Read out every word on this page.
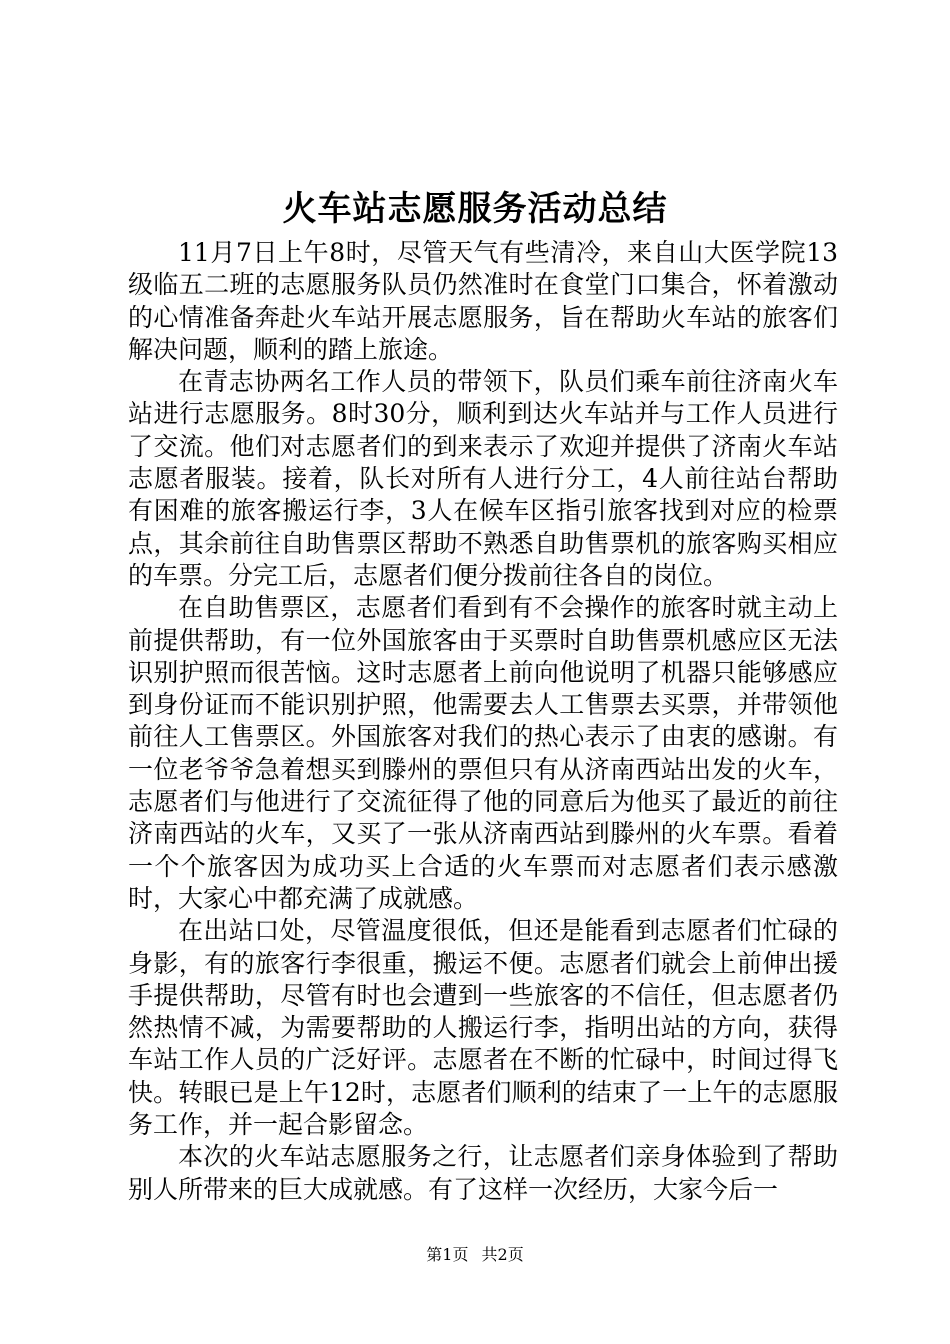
火车站志愿服务活动总结

11月7日上午8时，尽管天气有些清冷，来自山大医学院13级临五二班的志愿服务队员仍然准时在食堂门口集合，怀着激动的心情准备奔赴火车站开展志愿服务，旨在帮助火车站的旅客们解决问题，顺利的踏上旅途。

在青志协两名工作人员的带领下，队员们乘车前往济南火车站进行志愿服务。8时30分，顺利到达火车站并与工作人员进行了交流。他们对志愿者们的到来表示了欢迎并提供了济南火车站志愿者服装。接着，队长对所有人进行分工，4人前往站台帮助有困难的旅客搬运行李，3人在候车区指引旅客找到对应的检票点，其余前往自助售票区帮助不熟悉自助售票机的旅客购买相应的车票。分完工后，志愿者们便分拨前往各自的岗位。

在自助售票区，志愿者们看到有不会操作的旅客时就主动上前提供帮助，有一位外国旅客由于买票时自助售票机感应区无法识别护照而很苦恼。这时志愿者上前向他说明了机器只能够感应到身份证而不能识别护照，他需要去人工售票去买票，并带领他前往人工售票区。外国旅客对我们的热心表示了由衷的感谢。有一位老爷爷急着想买到滕州的票但只有从济南西站出发的火车，志愿者们与他进行了交流征得了他的同意后为他买了最近的前往济南西站的火车，又买了一张从济南西站到滕州的火车票。看着一个个旅客因为成功买上合适的火车票而对志愿者们表示感激时，大家心中都充满了成就感。

在出站口处，尽管温度很低，但还是能看到志愿者们忙碌的身影，有的旅客行李很重，搬运不便。志愿者们就会上前伸出援手提供帮助，尽管有时也会遭到一些旅客的不信任，但志愿者仍然热情不减，为需要帮助的人搬运行李，指明出站的方向，获得车站工作人员的广泛好评。志愿者在不断的忙碌中，时间过得飞快。转眼已是上午12时，志愿者们顺利的结束了一上午的志愿服务工作，并一起合影留念。

本次的火车站志愿服务之行，让志愿者们亲身体验到了帮助别人所带来的巨大成就感。有了这样一次经历，大家今后一

第1页 共2页
